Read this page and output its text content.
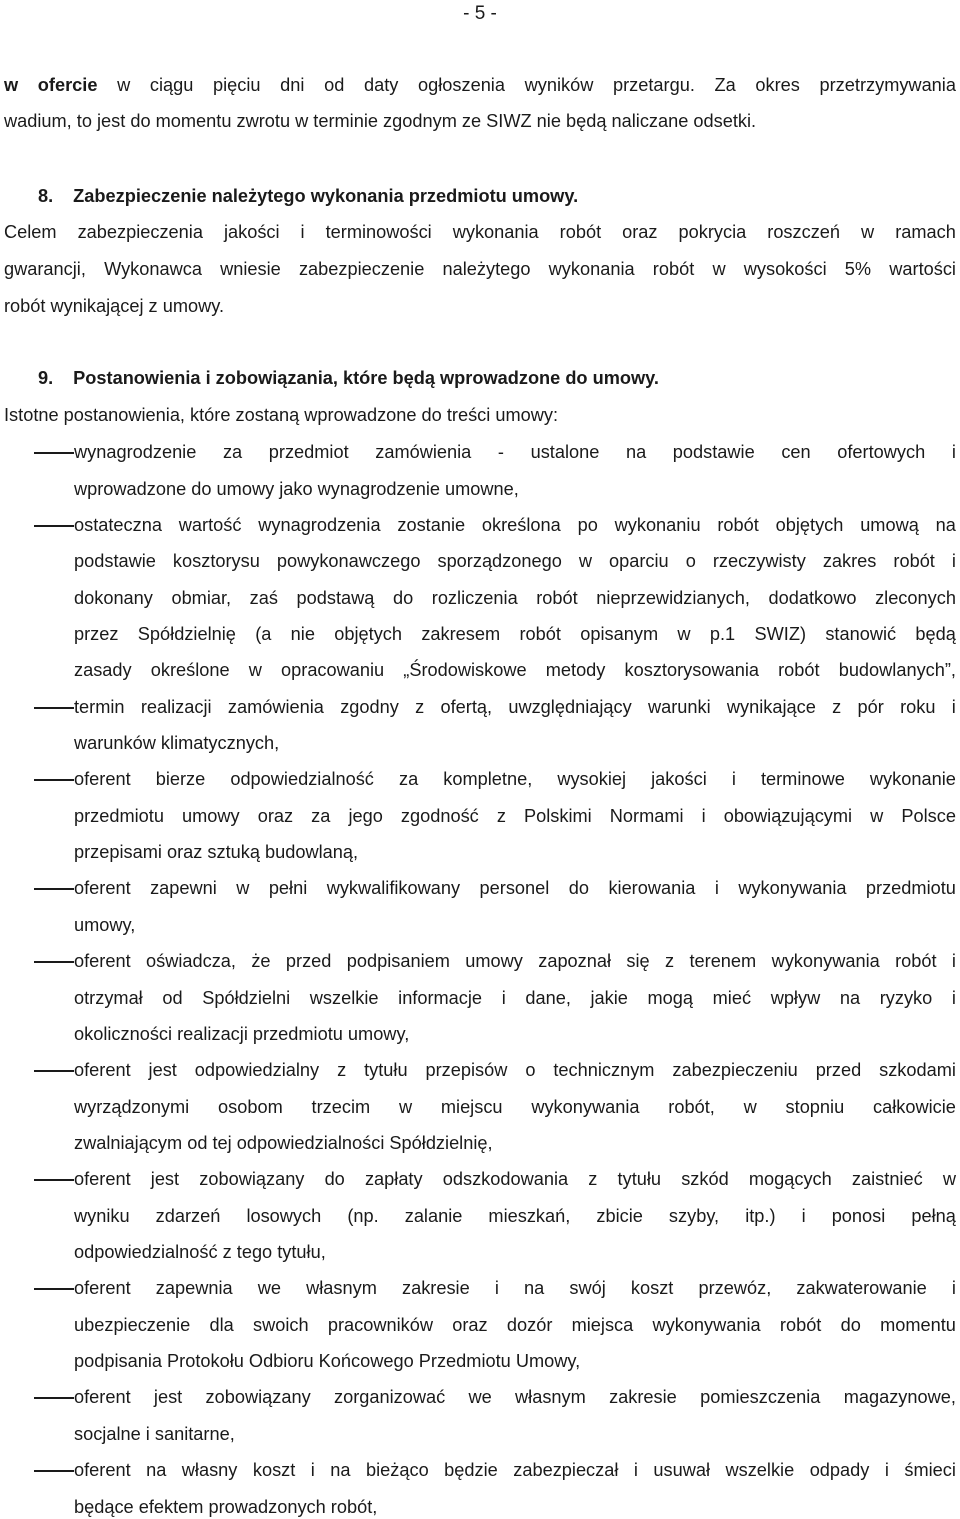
- 5 -
w ofercie w ciągu pięciu dni od daty ogłoszenia wyników przetargu. Za okres przetrzymywania
wadium, to jest do momentu zwrotu w terminie zgodnym ze SIWZ nie będą naliczane odsetki.
8. Zabezpieczenie należytego wykonania przedmiotu umowy.
Celem zabezpieczenia jakości i terminowości wykonania robót oraz pokrycia roszczeń w ramach
gwarancji, Wykonawca wniesie zabezpieczenie należytego wykonania robót w wysokości 5% wartości
robót wynikającej z umowy.
9. Postanowienia i zobowiązania, które będą wprowadzone do umowy.
Istotne postanowienia, które zostaną wprowadzone do treści umowy:
wynagrodzenie za przedmiot zamówienia - ustalone na podstawie cen ofertowych i
wprowadzone do umowy jako wynagrodzenie umowne,
ostateczna wartość wynagrodzenia zostanie określona po wykonaniu robót objętych umową na
podstawie kosztorysu powykonawczego sporządzonego w oparciu o rzeczywisty zakres robót i
dokonany obmiar, zaś podstawą do rozliczenia robót nieprzewidzianych, dodatkowo zleconych
przez Spółdzielnię (a nie objętych zakresem robót opisanym w p.1 SWIZ) stanowić będą
zasady określone w opracowaniu „Środowiskowe metody kosztorysowania robót budowlanych”,
termin realizacji zamówienia zgodny z ofertą, uwzględniający warunki wynikające z pór roku i
warunków klimatycznych,
oferent bierze odpowiedzialność za kompletne, wysokiej jakości i terminowe wykonanie
przedmiotu umowy oraz za jego zgodność z Polskimi Normami i obowiązującymi w Polsce
przepisami oraz sztuką budowlaną,
oferent zapewni w pełni wykwalifikowany personel do kierowania i wykonywania przedmiotu
umowy,
oferent oświadcza, że przed podpisaniem umowy zapoznał się z terenem wykonywania robót i
otrzymał od Spółdzielni wszelkie informacje i dane, jakie mogą mieć wpływ na ryzyko i
okoliczności realizacji przedmiotu umowy,
oferent jest odpowiedzialny z tytułu przepisów o technicznym zabezpieczeniu przed szkodami
wyrządzonymi osobom trzecim w miejscu wykonywania robót, w stopniu całkowicie
zwalniającym od tej odpowiedzialności Spółdzielnię,
oferent jest zobowiązany do zapłaty odszkodowania z tytułu szkód mogących zaistnieć w
wyniku zdarzeń losowych (np. zalanie mieszkań, zbicie szyby, itp.) i ponosi pełną
odpowiedzialność z tego tytułu,
oferent zapewnia we własnym zakresie i na swój koszt przewóz, zakwaterowanie i
ubezpieczenie dla swoich pracowników oraz dozór miejsca wykonywania robót do momentu
podpisania Protokołu Odbioru Końcowego Przedmiotu Umowy,
oferent jest zobowiązany zorganizować we własnym zakresie pomieszczenia magazynowe,
socjalne i sanitarne,
oferent na własny koszt i na bieżąco będzie zabezpieczał i usuwał wszelkie odpady i śmieci
będące efektem prowadzonych robót,
